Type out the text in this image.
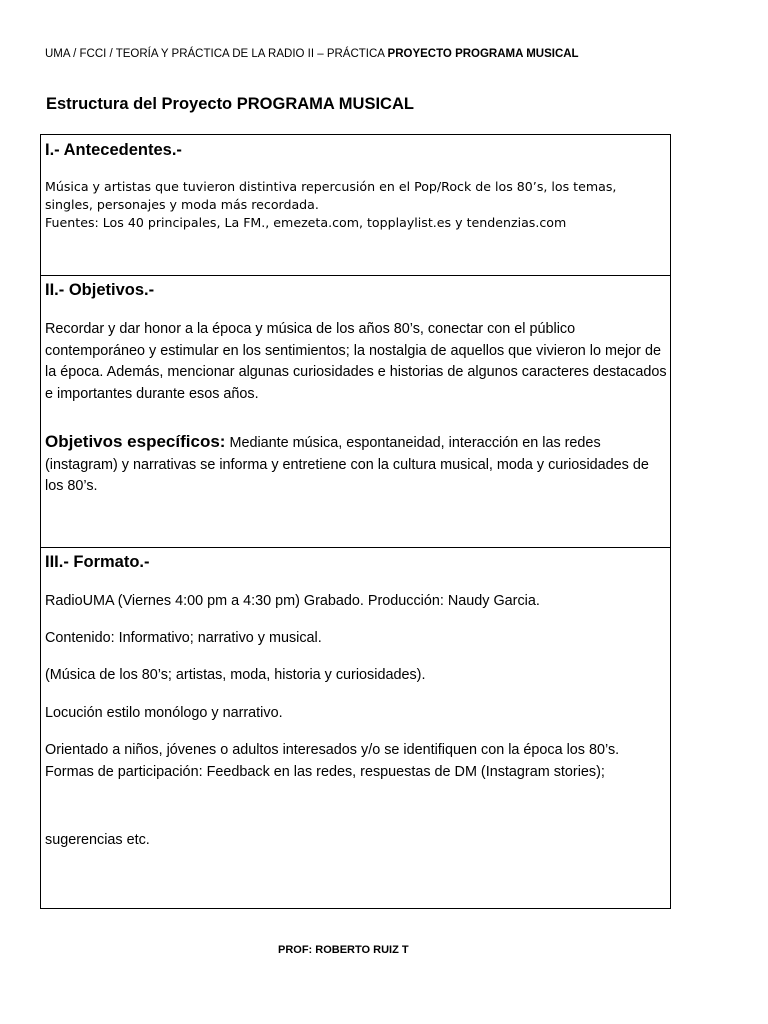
UMA / FCCI / TEORÍA Y PRÁCTICA DE LA RADIO II – PRÁCTICA PROYECTO PROGRAMA MUSICAL
Estructura del Proyecto PROGRAMA MUSICAL
I.- Antecedentes.-
Música y artistas que tuvieron distintiva repercusión en el Pop/Rock de los 80’s, los temas, singles, personajes y moda más recordada.
Fuentes: Los 40 principales, La FM., emezeta.com, topplaylist.es y tendenzias.com
II.- Objetivos.-
Recordar y dar honor a la época y música de los años 80’s, conectar con el público contemporáneo y estimular en los sentimientos; la nostalgia de aquellos que vivieron lo mejor de la época. Además, mencionar algunas curiosidades e historias de algunos caracteres destacados e importantes durante esos años.
Objetivos específicos: Mediante música, espontaneidad, interacción en las redes (instagram) y narrativas se informa y entretiene con la cultura musical, moda y curiosidades de los 80’s.
III.- Formato.-
RadioUMA (Viernes 4:00 pm a 4:30 pm) Grabado. Producción: Naudy Garcia.
Contenido: Informativo; narrativo y musical.
(Música de los 80’s; artistas, moda, historia y curiosidades).
Locución estilo monólogo y narrativo.
Orientado a niños, jóvenes o adultos interesados y/o se identifiquen con la época los 80’s. Formas de participación: Feedback en las redes, respuestas de DM (Instagram stories);
sugerencias etc.
PROF: ROBERTO RUIZ T
